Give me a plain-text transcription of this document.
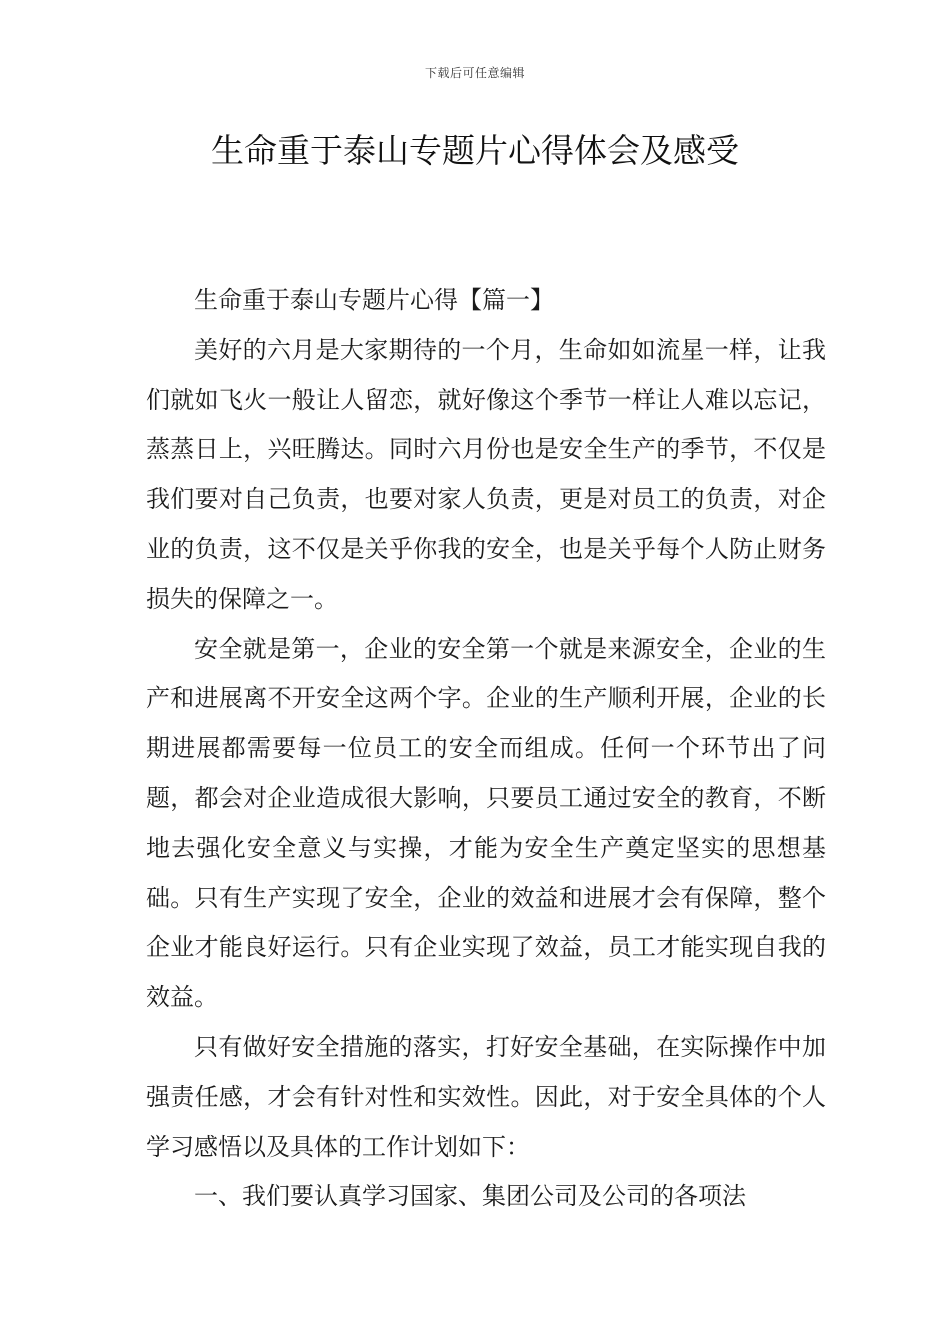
下载后可任意编辑
生命重于泰山专题片心得体会及感受

生命重于泰山专题片心得【篇一】

美好的六月是大家期待的一个月，生命如如流星一样，让我们就如飞火一般让人留恋，就好像这个季节一样让人难以忘记，蒸蒸日上，兴旺腾达。同时六月份也是安全生产的季节，不仅是我们要对自己负责，也要对家人负责，更是对员工的负责，对企业的负责，这不仅是关乎你我的安全，也是关乎每个人防止财务损失的保障之一。

安全就是第一，企业的安全第一个就是来源安全，企业的生产和进展离不开安全这两个字。企业的生产顺利开展，企业的长期进展都需要每一位员工的安全而组成。任何一个环节出了问题，都会对企业造成很大影响，只要员工通过安全的教育，不断地去强化安全意义与实操，才能为安全生产奠定坚实的思想基础。只有生产实现了安全，企业的效益和进展才会有保障，整个企业才能良好运行。只有企业实现了效益，员工才能实现自我的效益。

只有做好安全措施的落实，打好安全基础，在实际操作中加强责任感，才会有针对性和实效性。因此，对于安全具体的个人学习感悟以及具体的工作计划如下：

一、我们要认真学习国家、集团公司及公司的各项法
